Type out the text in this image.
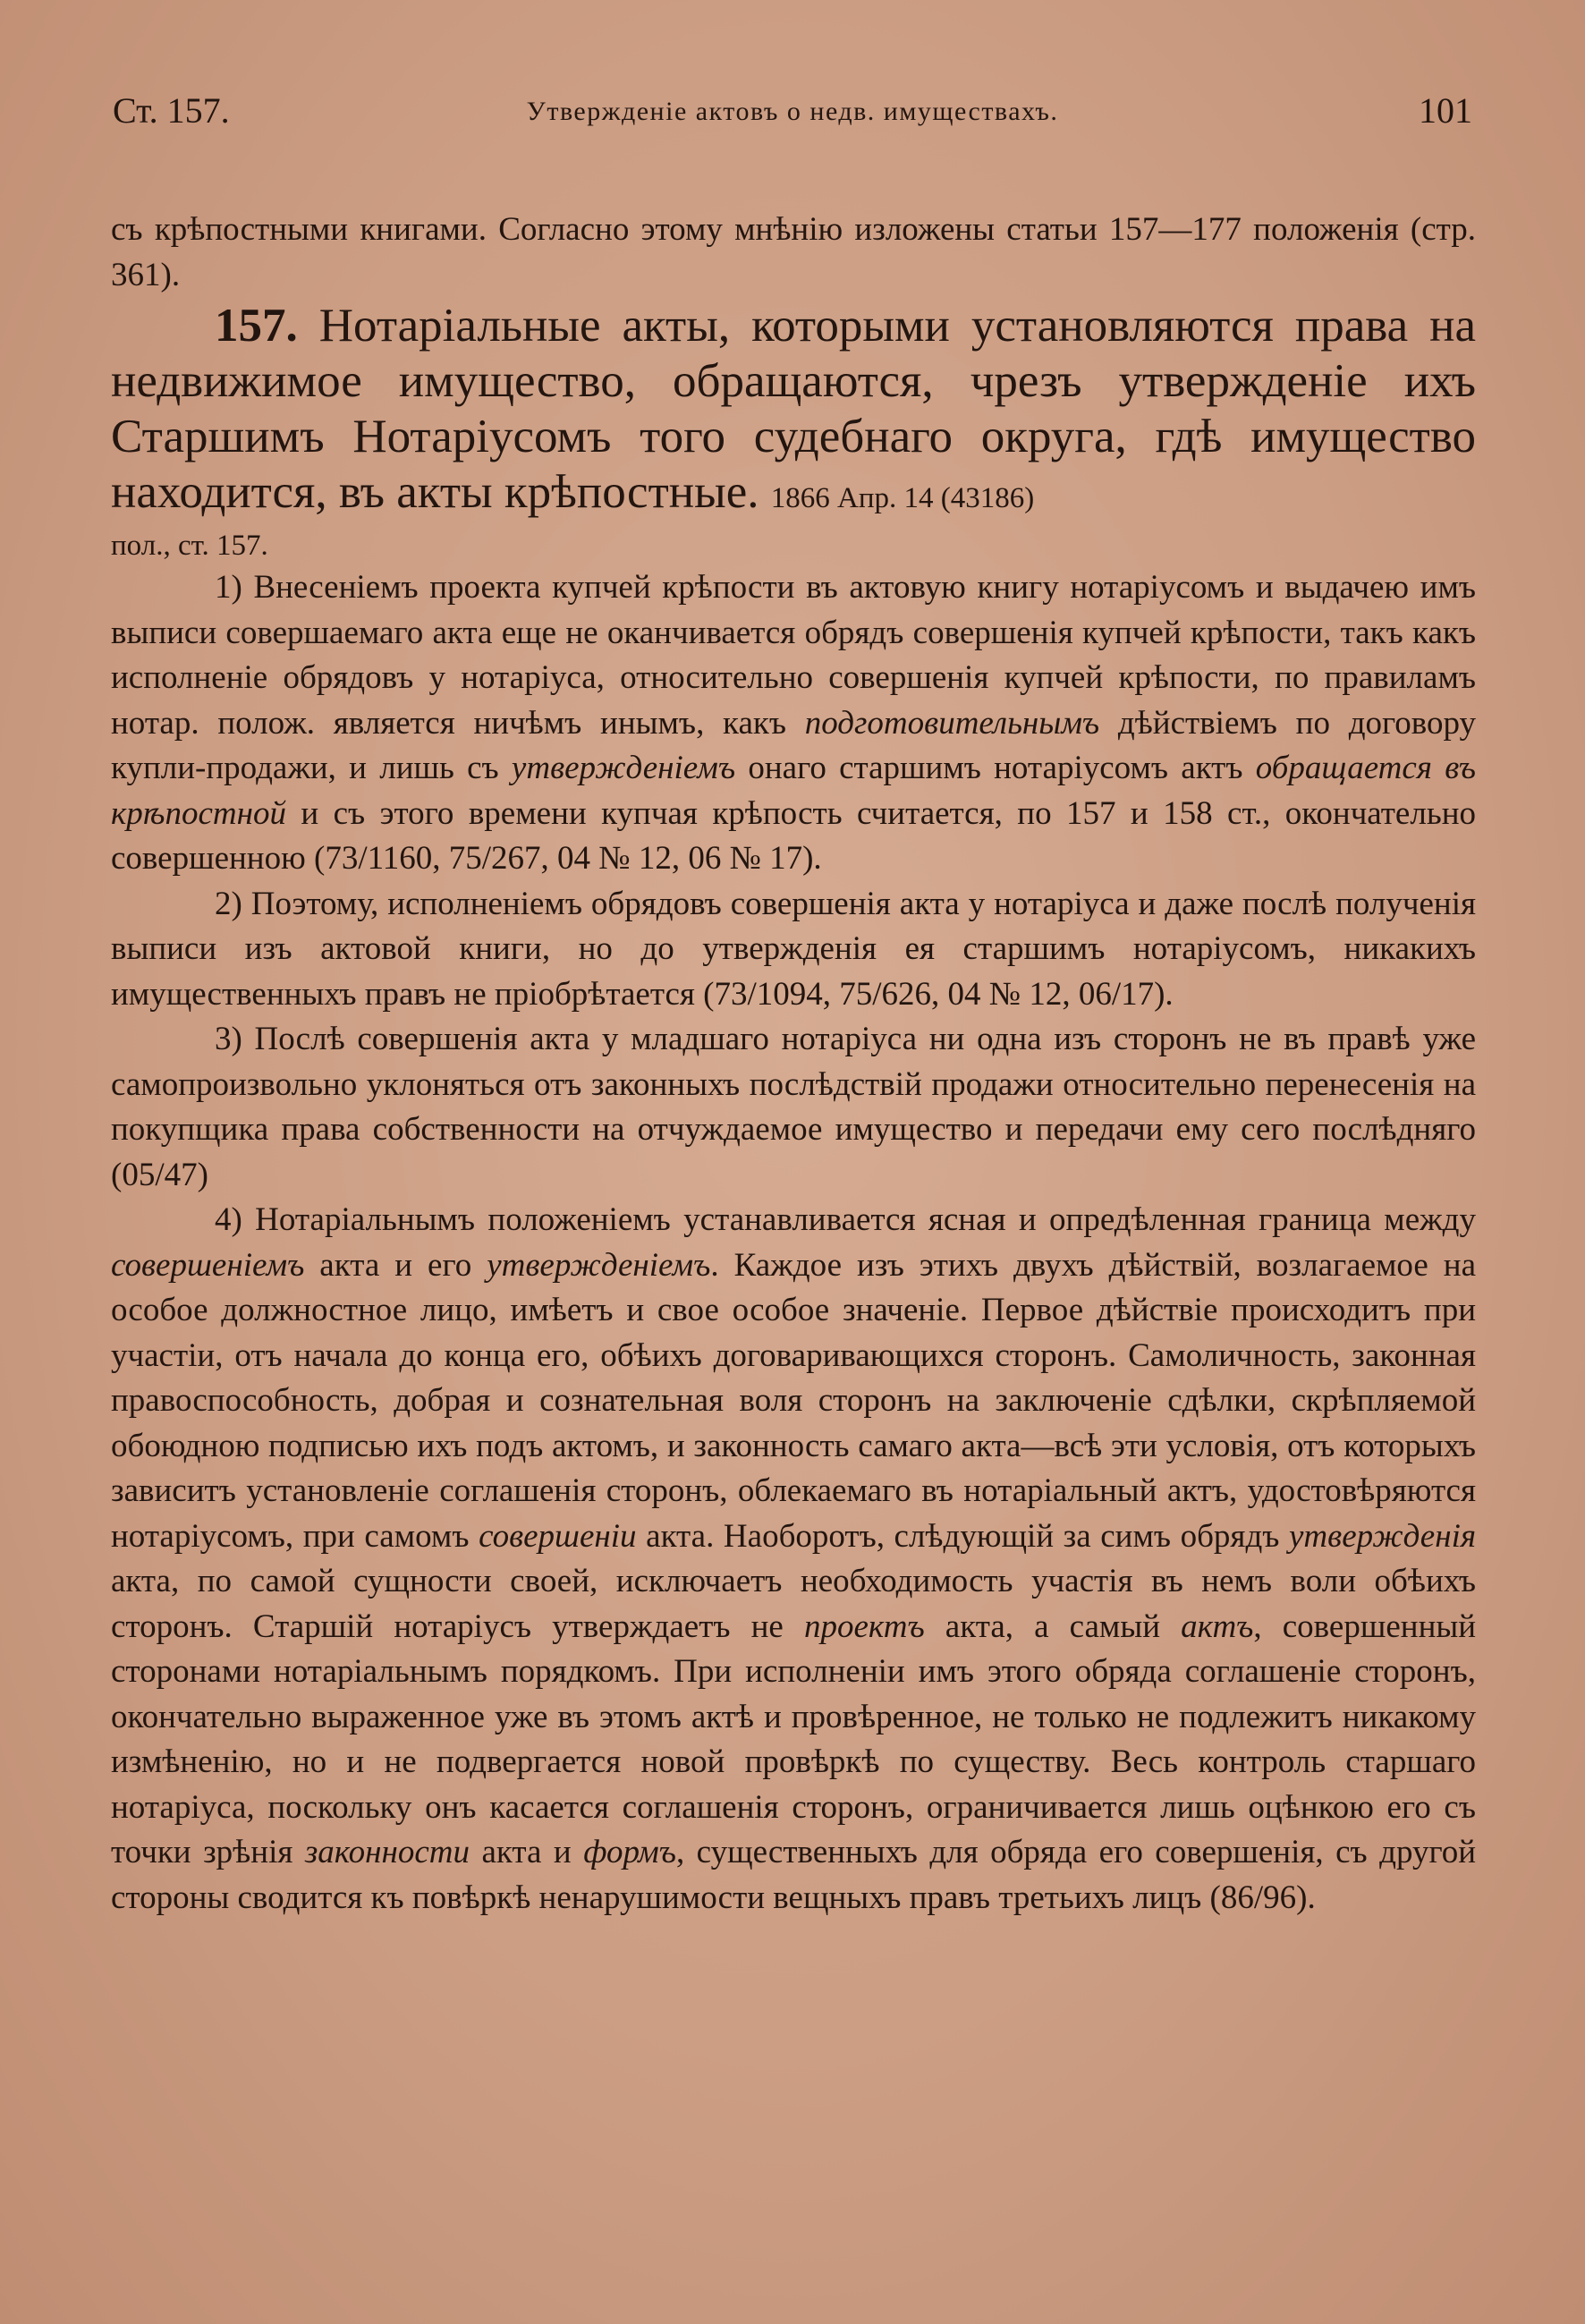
Ст. 157.	Утвержденіе актовъ о недв. имуществахъ.	101

съ крѣпостными книгами. Согласно этому мнѣнію изложены статьи 157—177 положенія (стр. 361).

157. Нотаріальные акты, которыми установляются права на недвижимое имущество, обращаются, чрезъ утвержденіе ихъ Старшимъ Нотаріусомъ того судебнаго округа, гдѣ имущество находится, въ акты крѣпостные. 1866 Апр. 14 (43186)

пол., ст. 157.

1) Внесеніемъ проекта купчей крѣпости въ актовую книгу нотаріусомъ и выдачею имъ выписи совершаемаго акта еще не оканчивается обрядъ совершенія купчей крѣпости, такъ какъ исполненіе обрядовъ у нотаріуса, относительно совершенія купчей крѣпости, по правиламъ нотар. полож. является ничѣмъ инымъ, какъ подготовительнымъ дѣйствіемъ по договору купли-продажи, и лишь съ утвержденіемъ онаго старшимъ нотаріусомъ актъ обращается въ крѣпостной и съ этого времени купчая крѣпость считается, по 157 и 158 ст., окончательно совершенною (73/1160, 75/267, 04 № 12, 06 № 17).

2) Поэтому, исполненіемъ обрядовъ совершенія акта у нотаріуса и даже послѣ полученія выписи изъ актовой книги, но до утвержденія ея старшимъ нотаріусомъ, никакихъ имущественныхъ правъ не пріобрѣтается (73/1094, 75/626, 04 № 12, 06/17).

3) Послѣ совершенія акта у младшаго нотаріуса ни одна изъ сторонъ не въ правѣ уже самопроизвольно уклоняться отъ законныхъ послѣдствій продажи относительно перенесенія на покупщика права собственности на отчуждаемое имущество и передачи ему сего послѣдняго (05/47)

4) Нотаріальнымъ положеніемъ устанавливается ясная и опредѣленная граница между совершеніемъ акта и его утвержденіемъ. Каждое изъ этихъ двухъ дѣйствій, возлагаемое на особое должностное лицо, имѣетъ и свое особое значеніе. Первое дѣйствіе происходитъ при участіи, отъ начала до конца его, обѣихъ договаривающихся сторонъ. Самоличность, законная правоспособность, добрая и сознательная воля сторонъ на заключеніе сдѣлки, скрѣпляемой обоюдною подписью ихъ подъ актомъ, и законность самаго акта—всѣ эти условія, отъ которыхъ зависитъ установленіе соглашенія сторонъ, облекаемаго въ нотаріальный актъ, удостовѣряются нотаріусомъ, при самомъ совершеніи акта. Наоборотъ, слѣдующій за симъ обрядъ утвержденія акта, по самой сущности своей, исключаетъ необходимость участія въ немъ воли обѣихъ сторонъ. Старшій нотаріусъ утверждаетъ не проектъ акта, а самый актъ, совершенный сторонами нотаріальнымъ порядкомъ. При исполненіи имъ этого обряда соглашеніе сторонъ, окончательно выраженное уже въ этомъ актѣ и провѣренное, не только не подлежитъ никакому измѣненію, но и не подвергается новой провѣркѣ по существу. Весь контроль старшаго нотаріуса, поскольку онъ касается соглашенія сторонъ, ограничивается лишь оцѣнкою его съ точки зрѣнія законности акта и формъ, существенныхъ для обряда его совершенія, съ другой стороны сводится къ повѣркѣ ненарушимости вещныхъ правъ третьихъ лицъ (86/96).
